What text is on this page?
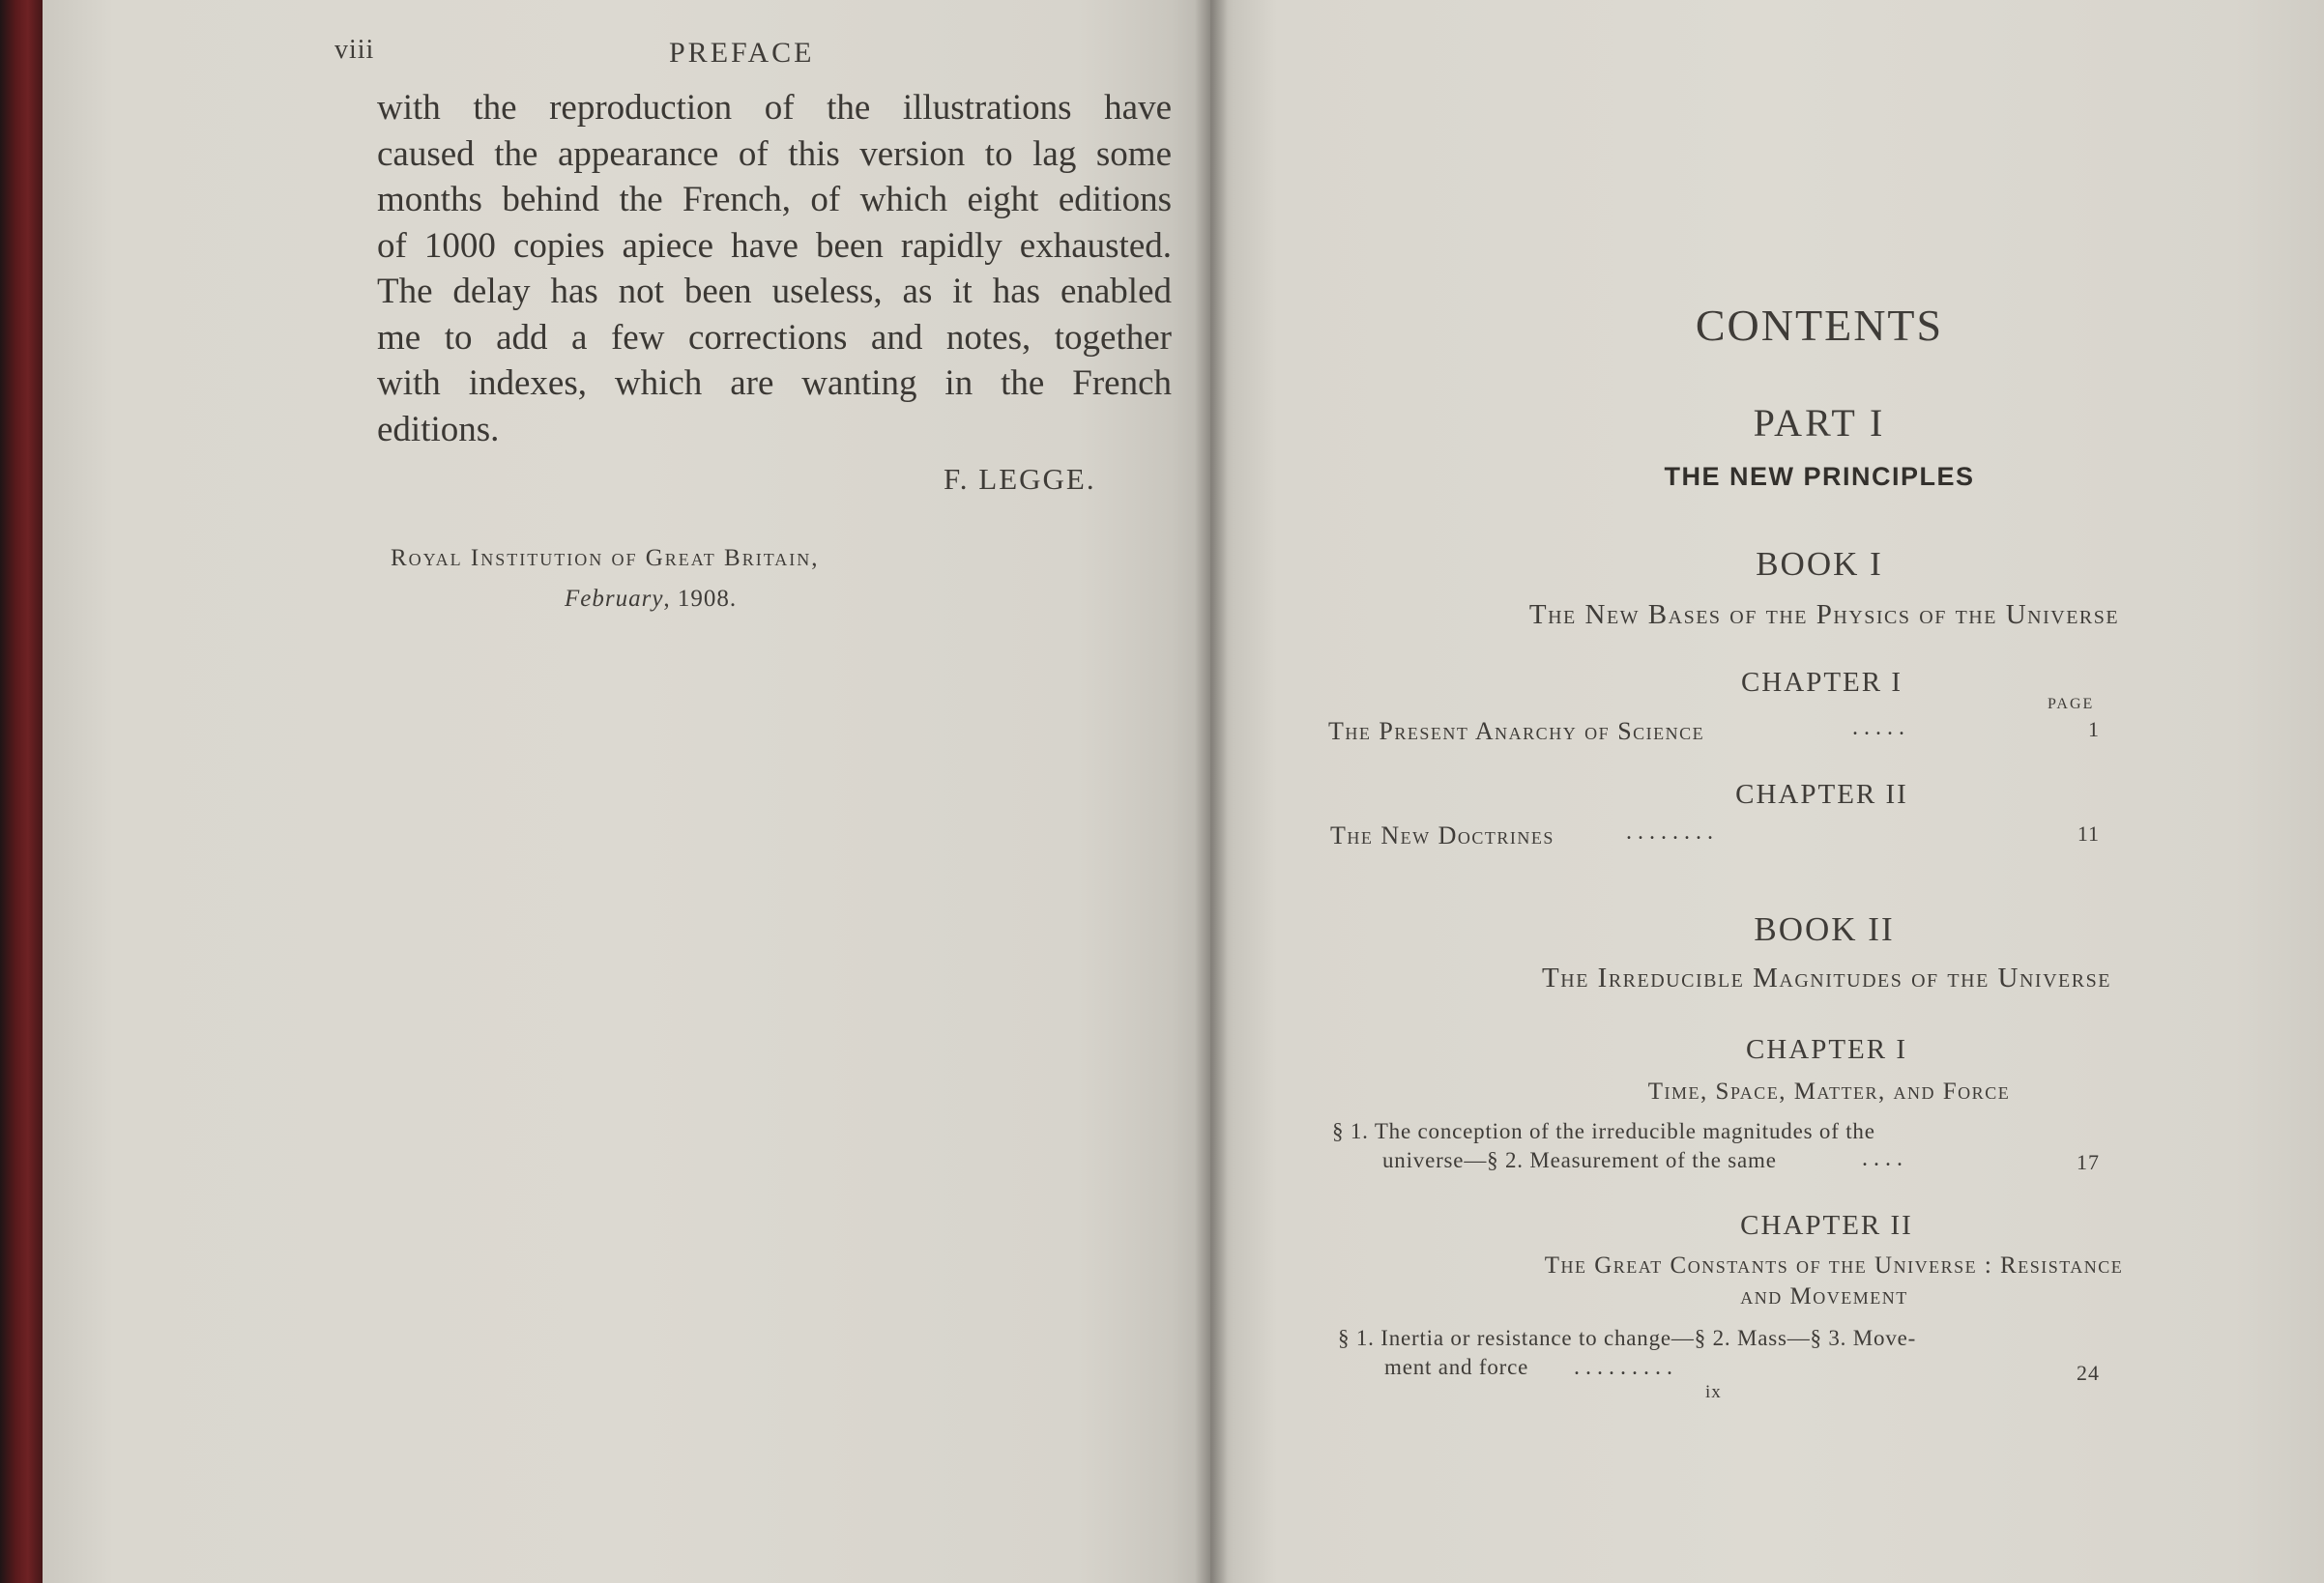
viii	PREFACE
with the reproduction of the illustrations have
caused the appearance of this version to lag some
months behind the French, of which eight editions
of 1000 copies apiece have been rapidly exhausted.
The delay has not been useless, as it has enabled
me to add a few corrections and notes, together
with indexes, which are wanting in the French
editions.
F. LEGGE.
Royal Institution of Great Britain,
February, 1908.
CONTENTS
PART I
THE NEW PRINCIPLES
BOOK I
The New Bases of the Physics of the Universe
CHAPTER I
PAGE
The Present Anarchy of Science	. . . . .	1
CHAPTER II
The New Doctrines	. . . . . . . .	11
BOOK II
The Irreducible Magnitudes of the Universe
CHAPTER I
Time, Space, Matter, and Force
§ 1. The conception of the irreducible magnitudes of the
universe—§ 2. Measurement of the same	. . . .	17
CHAPTER II
The Great Constants of the Universe : Resistance
and Movement
§ 1. Inertia or resistance to change—§ 2. Mass—§ 3. Move-
ment and force . . . . . . . . .	24
ix
